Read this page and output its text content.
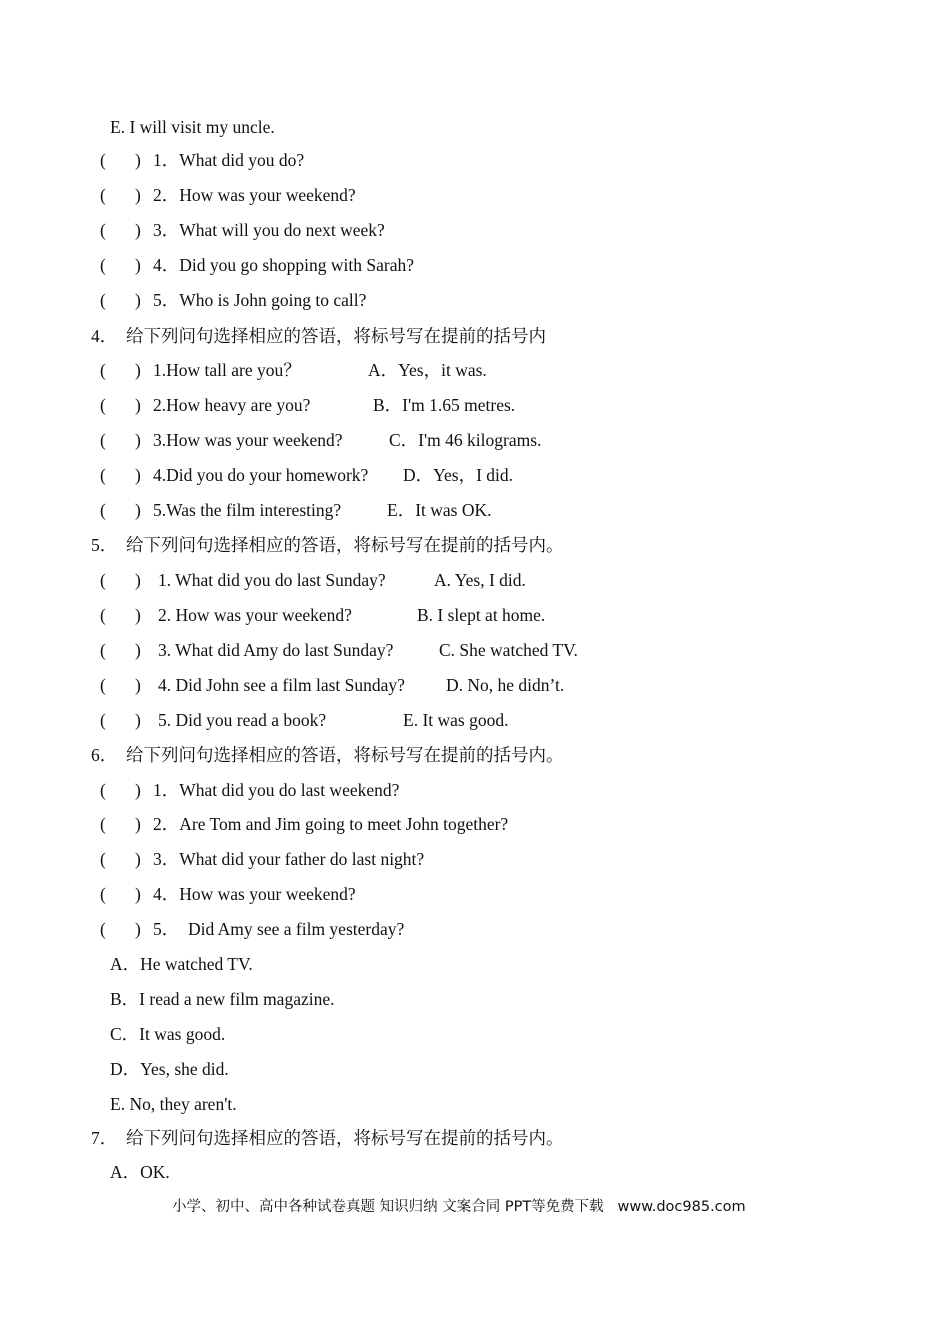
E. I will visit my uncle.
( ) 1．What did you do?
( ) 2．How was your weekend?
( ) 3．What will you do next week?
( ) 4．Did you go shopping with Sarah?
( ) 5．Who is John going to call?
4．  给下列问句选择相应的答语，将标号写在提前的括号内
( ) 1.How tall are you？	A．Yes，it was.
( ) 2.How heavy are you?	B．I'm 1.65 metres.
( ) 3.How was your weekend?	C．I'm 46 kilograms.
( ) 4.Did you do your homework? D．Yes，I did.
( ) 5.Was the film interesting?	E．It was OK.
5．  给下列问句选择相应的答语，将标号写在提前的括号内。
( ) 1. What did you do last Sunday?	A. Yes, I did.
( ) 2. How was your weekend?	B. I slept at home.
( ) 3. What did Amy do last Sunday?	C. She watched TV.
( ) 4. Did John see a film last Sunday? D. No, he didn’t.
( ) 5. Did you read a book?	E. It was good.
6．  给下列问句选择相应的答语，将标号写在提前的括号内。
( ) 1．What did you do last weekend?
( ) 2．Are Tom and Jim going to meet John together?
( ) 3．What did your father do last night?
( ) 4．How was your weekend?
( ) 5．  Did Amy see a film yesterday?
A．He watched TV.
B．I read a new film magazine.
C．It was good.
D．Yes, she did.
E. No, they aren't.
7．  给下列问句选择相应的答语，将标号写在提前的括号内。
A．OK.
小学、初中、高中各种试卷真题 知识归纳 文案合同 PPT等免费下载   www.doc985.com
